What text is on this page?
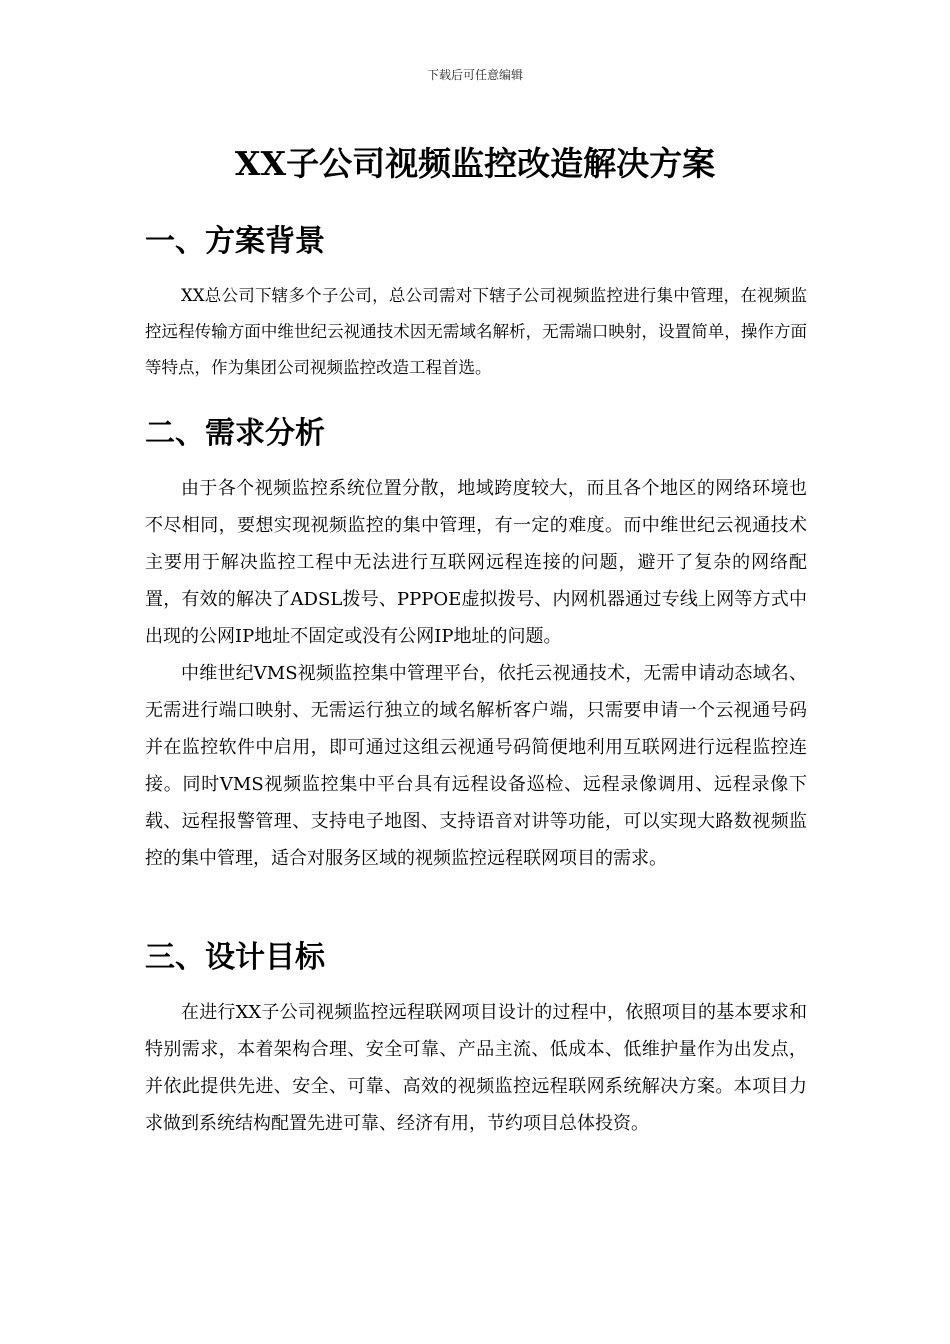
下载后可任意编辑
XX子公司视频监控改造解决方案
一、方案背景

XX总公司下辖多个子公司，总公司需对下辖子公司视频监控进行集中管理，在视频监控远程传输方面中维世纪云视通技术因无需域名解析，无需端口映射，设置简单，操作方面等特点，作为集团公司视频监控改造工程首选。

二、需求分析

由于各个视频监控系统位置分散，地域跨度较大，而且各个地区的网络环境也不尽相同，要想实现视频监控的集中管理，有一定的难度。而中维世纪云视通技术主要用于解决监控工程中无法进行互联网远程连接的问题，避开了复杂的网络配置，有效的解决了ADSL拨号、PPPOE虚拟拨号、内网机器通过专线上网等方式中出现的公网IP地址不固定或没有公网IP地址的问题。

中维世纪VMS视频监控集中管理平台，依托云视通技术，无需申请动态域名、无需进行端口映射、无需运行独立的域名解析客户端，只需要申请一个云视通号码并在监控软件中启用，即可通过这组云视通号码简便地利用互联网进行远程监控连接。同时VMS视频监控集中平台具有远程设备巡检、远程录像调用、远程录像下载、远程报警管理、支持电子地图、支持语音对讲等功能，可以实现大路数视频监控的集中管理，适合对服务区域的视频监控远程联网项目的需求。

三、设计目标

在进行XX子公司视频监控远程联网项目设计的过程中，依照项目的基本要求和特别需求，本着架构合理、安全可靠、产品主流、低成本、低维护量作为出发点，并依此提供先进、安全、可靠、高效的视频监控远程联网系统解决方案。本项目力求做到系统结构配置先进可靠、经济有用，节约项目总体投资。
